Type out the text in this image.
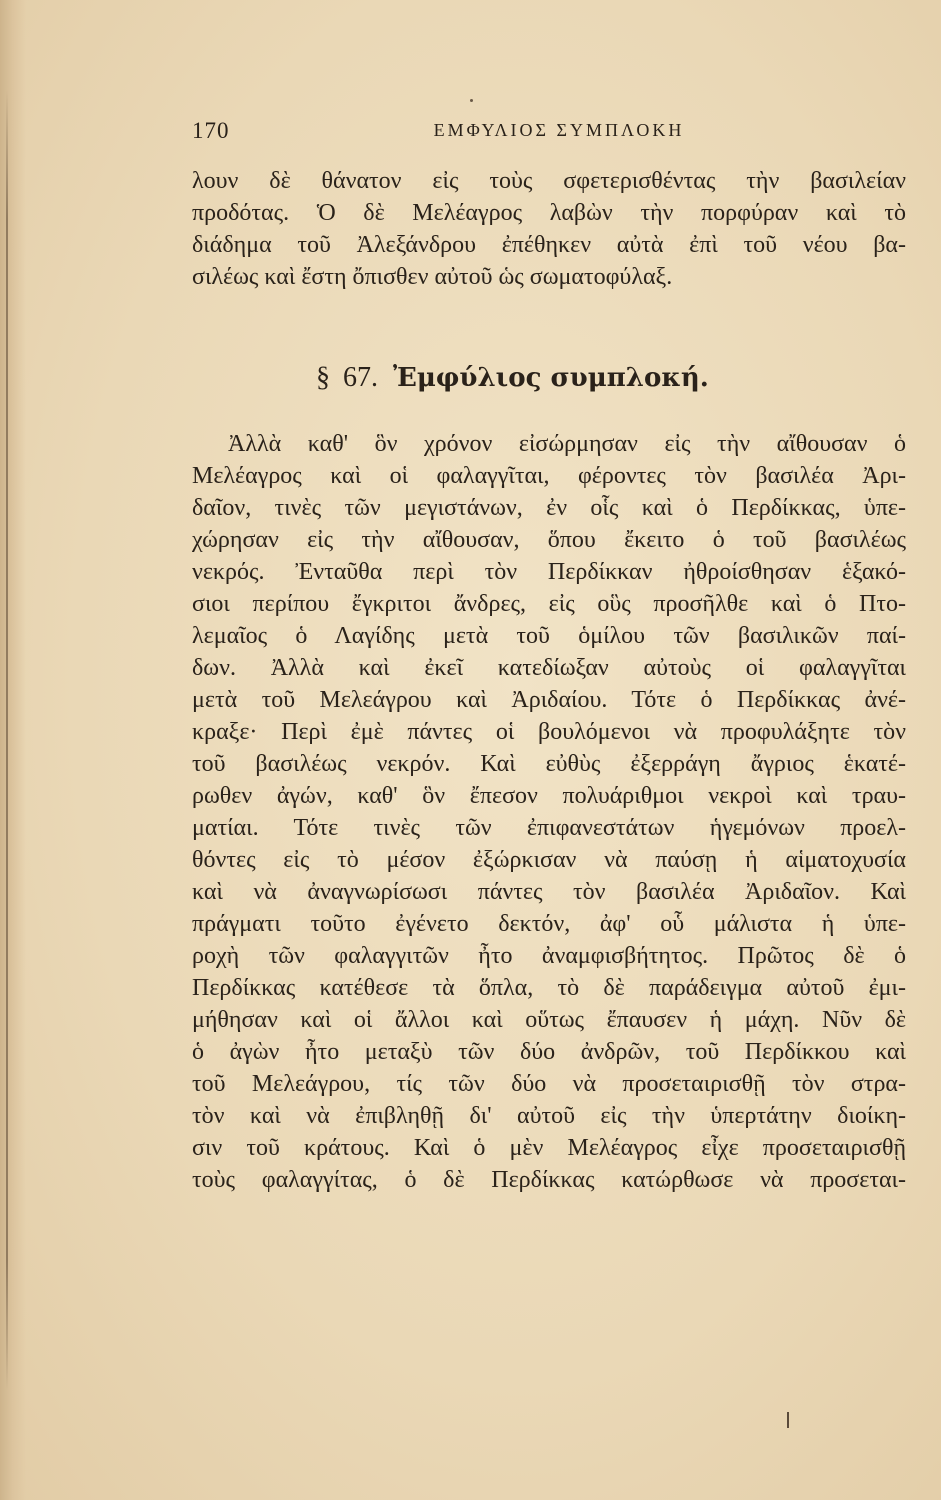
170	ΕΜΦΥΛΙΟΣ ΣΥΜΠΛΟΚΗ
λουν δὲ θάνατον εἰς τοὺς σφετερισθέντας τὴν βασιλείαν
προδότας. Ὁ δὲ Μελέαγρος λαβὼν τὴν πορφύραν καὶ τὸ
διάδημα τοῦ Ἀλεξάνδρου ἐπέθηκεν αὐτὰ ἐπὶ τοῦ νέου βα-
σιλέως καὶ ἔστη ὄπισθεν αὐτοῦ ὡς σωματοφύλαξ.
§ 67. Ἐμφύλιος συμπλοκή.
Ἀλλὰ καθ' ὃν χρόνον εἰσώρμησαν εἰς τὴν αἴθουσαν ὁ
Μελέαγρος καὶ οἱ φαλαγγῖται, φέροντες τὸν βασιλέα Ἀρι-
δαῖον, τινὲς τῶν μεγιστάνων, ἐν οἷς καὶ ὁ Περδίκκας, ὑπε-
χώρησαν εἰς τὴν αἴθουσαν, ὅπου ἔκειτο ὁ τοῦ βασιλέως
νεκρός. Ἐνταῦθα περὶ τὸν Περδίκκαν ἠθροίσθησαν ἑξακό-
σιοι περίπου ἔγκριτοι ἄνδρες, εἰς οὓς προσῆλθε καὶ ὁ Πτο-
λεμαῖος ὁ Λαγίδης μετὰ τοῦ ὁμίλου τῶν βασιλικῶν παί-
δων. Ἀλλὰ καὶ ἐκεῖ κατεδίωξαν αὐτοὺς οἱ φαλαγγῖται
μετὰ τοῦ Μελεάγρου καὶ Ἀριδαίου. Τότε ὁ Περδίκκας ἀνέ-
κραξε· Περὶ ἐμὲ πάντες οἱ βουλόμενοι νὰ προφυλάξητε τὸν
τοῦ βασιλέως νεκρόν. Καὶ εὐθὺς ἐξερράγη ἄγριος ἑκατέ-
ρωθεν ἀγών, καθ' ὃν ἔπεσον πολυάριθμοι νεκροὶ καὶ τραυ-
ματίαι. Τότε τινὲς τῶν ἐπιφανεστάτων ἡγεμόνων προελ-
θόντες εἰς τὸ μέσον ἐξώρκισαν νὰ παύσῃ ἡ αἱματοχυσία
καὶ νὰ ἀναγνωρίσωσι πάντες τὸν βασιλέα Ἀριδαῖον. Καὶ
πράγματι τοῦτο ἐγένετο δεκτόν, ἀφ' οὗ μάλιστα ἡ ὑπε-
ροχὴ τῶν φαλαγγιτῶν ἦτο ἀναμφισβήτητος. Πρῶτος δὲ ὁ
Περδίκκας κατέθεσε τὰ ὅπλα, τὸ δὲ παράδειγμα αὐτοῦ ἐμι-
μήθησαν καὶ οἱ ἄλλοι καὶ οὕτως ἔπαυσεν ἡ μάχη. Νῦν δὲ
ὁ ἀγὼν ἦτο μεταξὺ τῶν δύο ἀνδρῶν, τοῦ Περδίκκου καὶ
τοῦ Μελεάγρου, τίς τῶν δύο νὰ προσεταιρισθῇ τὸν στρα-
τὸν καὶ νὰ ἐπιβληθῇ δι' αὐτοῦ εἰς τὴν ὑπερτάτην διοίκη-
σιν τοῦ κράτους. Καὶ ὁ μὲν Μελέαγρος εἶχε προσεταιρισθῇ
τοὺς φαλαγγίτας, ὁ δὲ Περδίκκας κατώρθωσε νὰ προσεται-
